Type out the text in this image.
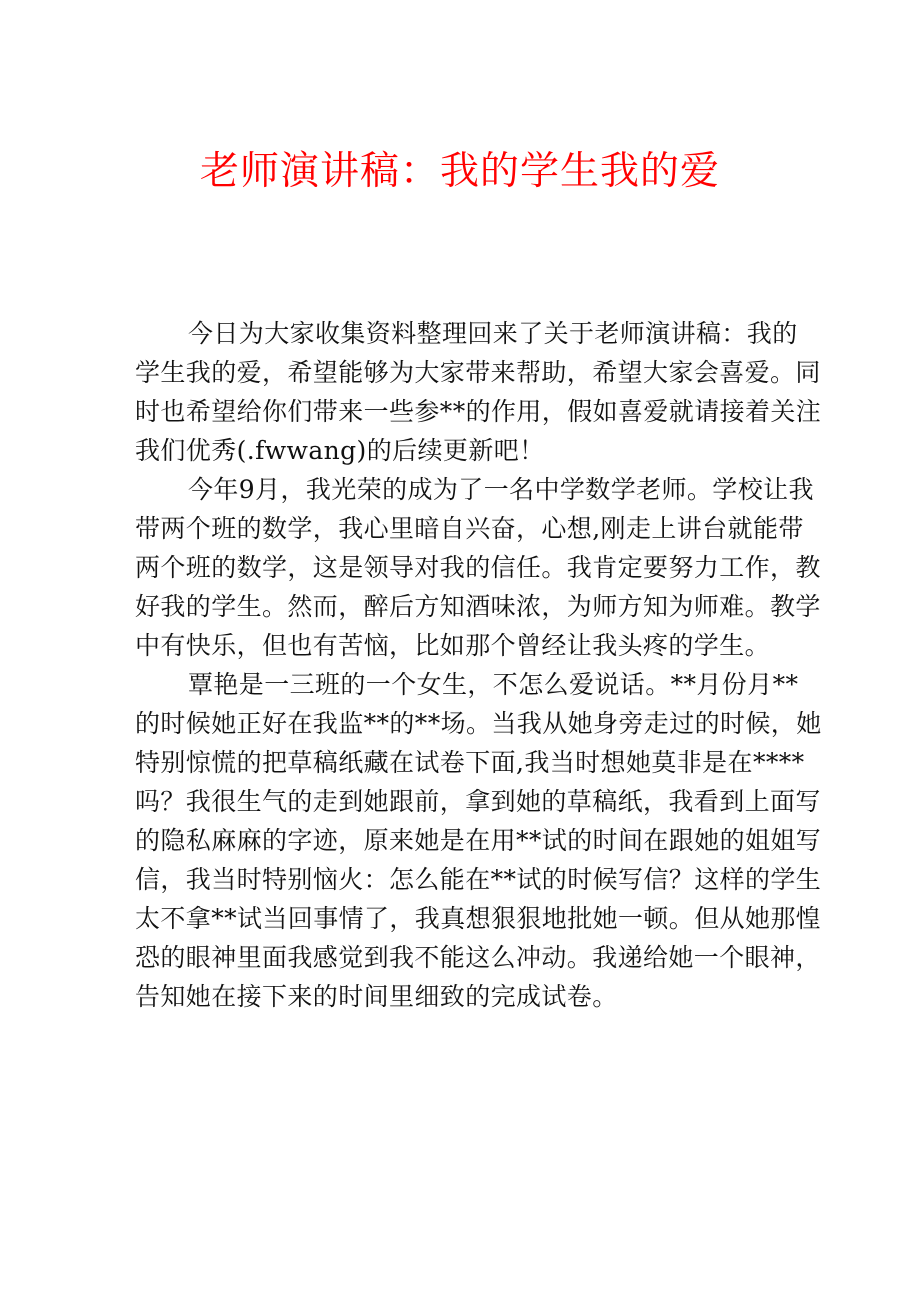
老师演讲稿：我的学生我的爱

今日为大家收集资料整理回来了关于老师演讲稿：我的
学生我的爱，希望能够为大家带来帮助，希望大家会喜爱。同
时也希望给你们带来一些参**的作用，假如喜爱就请接着关注
我们优秀(.fwwang)的后续更新吧！

今年9月，我光荣的成为了一名中学数学老师。学校让我
带两个班的数学，我心里暗自兴奋，心想,刚走上讲台就能带
两个班的数学，这是领导对我的信任。我肯定要努力工作，教
好我的学生。然而，醉后方知酒味浓，为师方知为师难。教学
中有快乐，但也有苦恼，比如那个曾经让我头疼的学生。

覃艳是一三班的一个女生，不怎么爱说话。**月份月**
的时候她正好在我监**的**场。当我从她身旁走过的时候，她
特别惊慌的把草稿纸藏在试卷下面,我当时想她莫非是在****
吗？我很生气的走到她跟前，拿到她的草稿纸，我看到上面写
的隐私麻麻的字迹，原来她是在用**试的时间在跟她的姐姐写
信，我当时特别恼火：怎么能在**试的时候写信？这样的学生
太不拿**试当回事情了，我真想狠狠地批她一顿。但从她那惶
恐的眼神里面我感觉到我不能这么冲动。我递给她一个眼神，
告知她在接下来的时间里细致的完成试卷。
